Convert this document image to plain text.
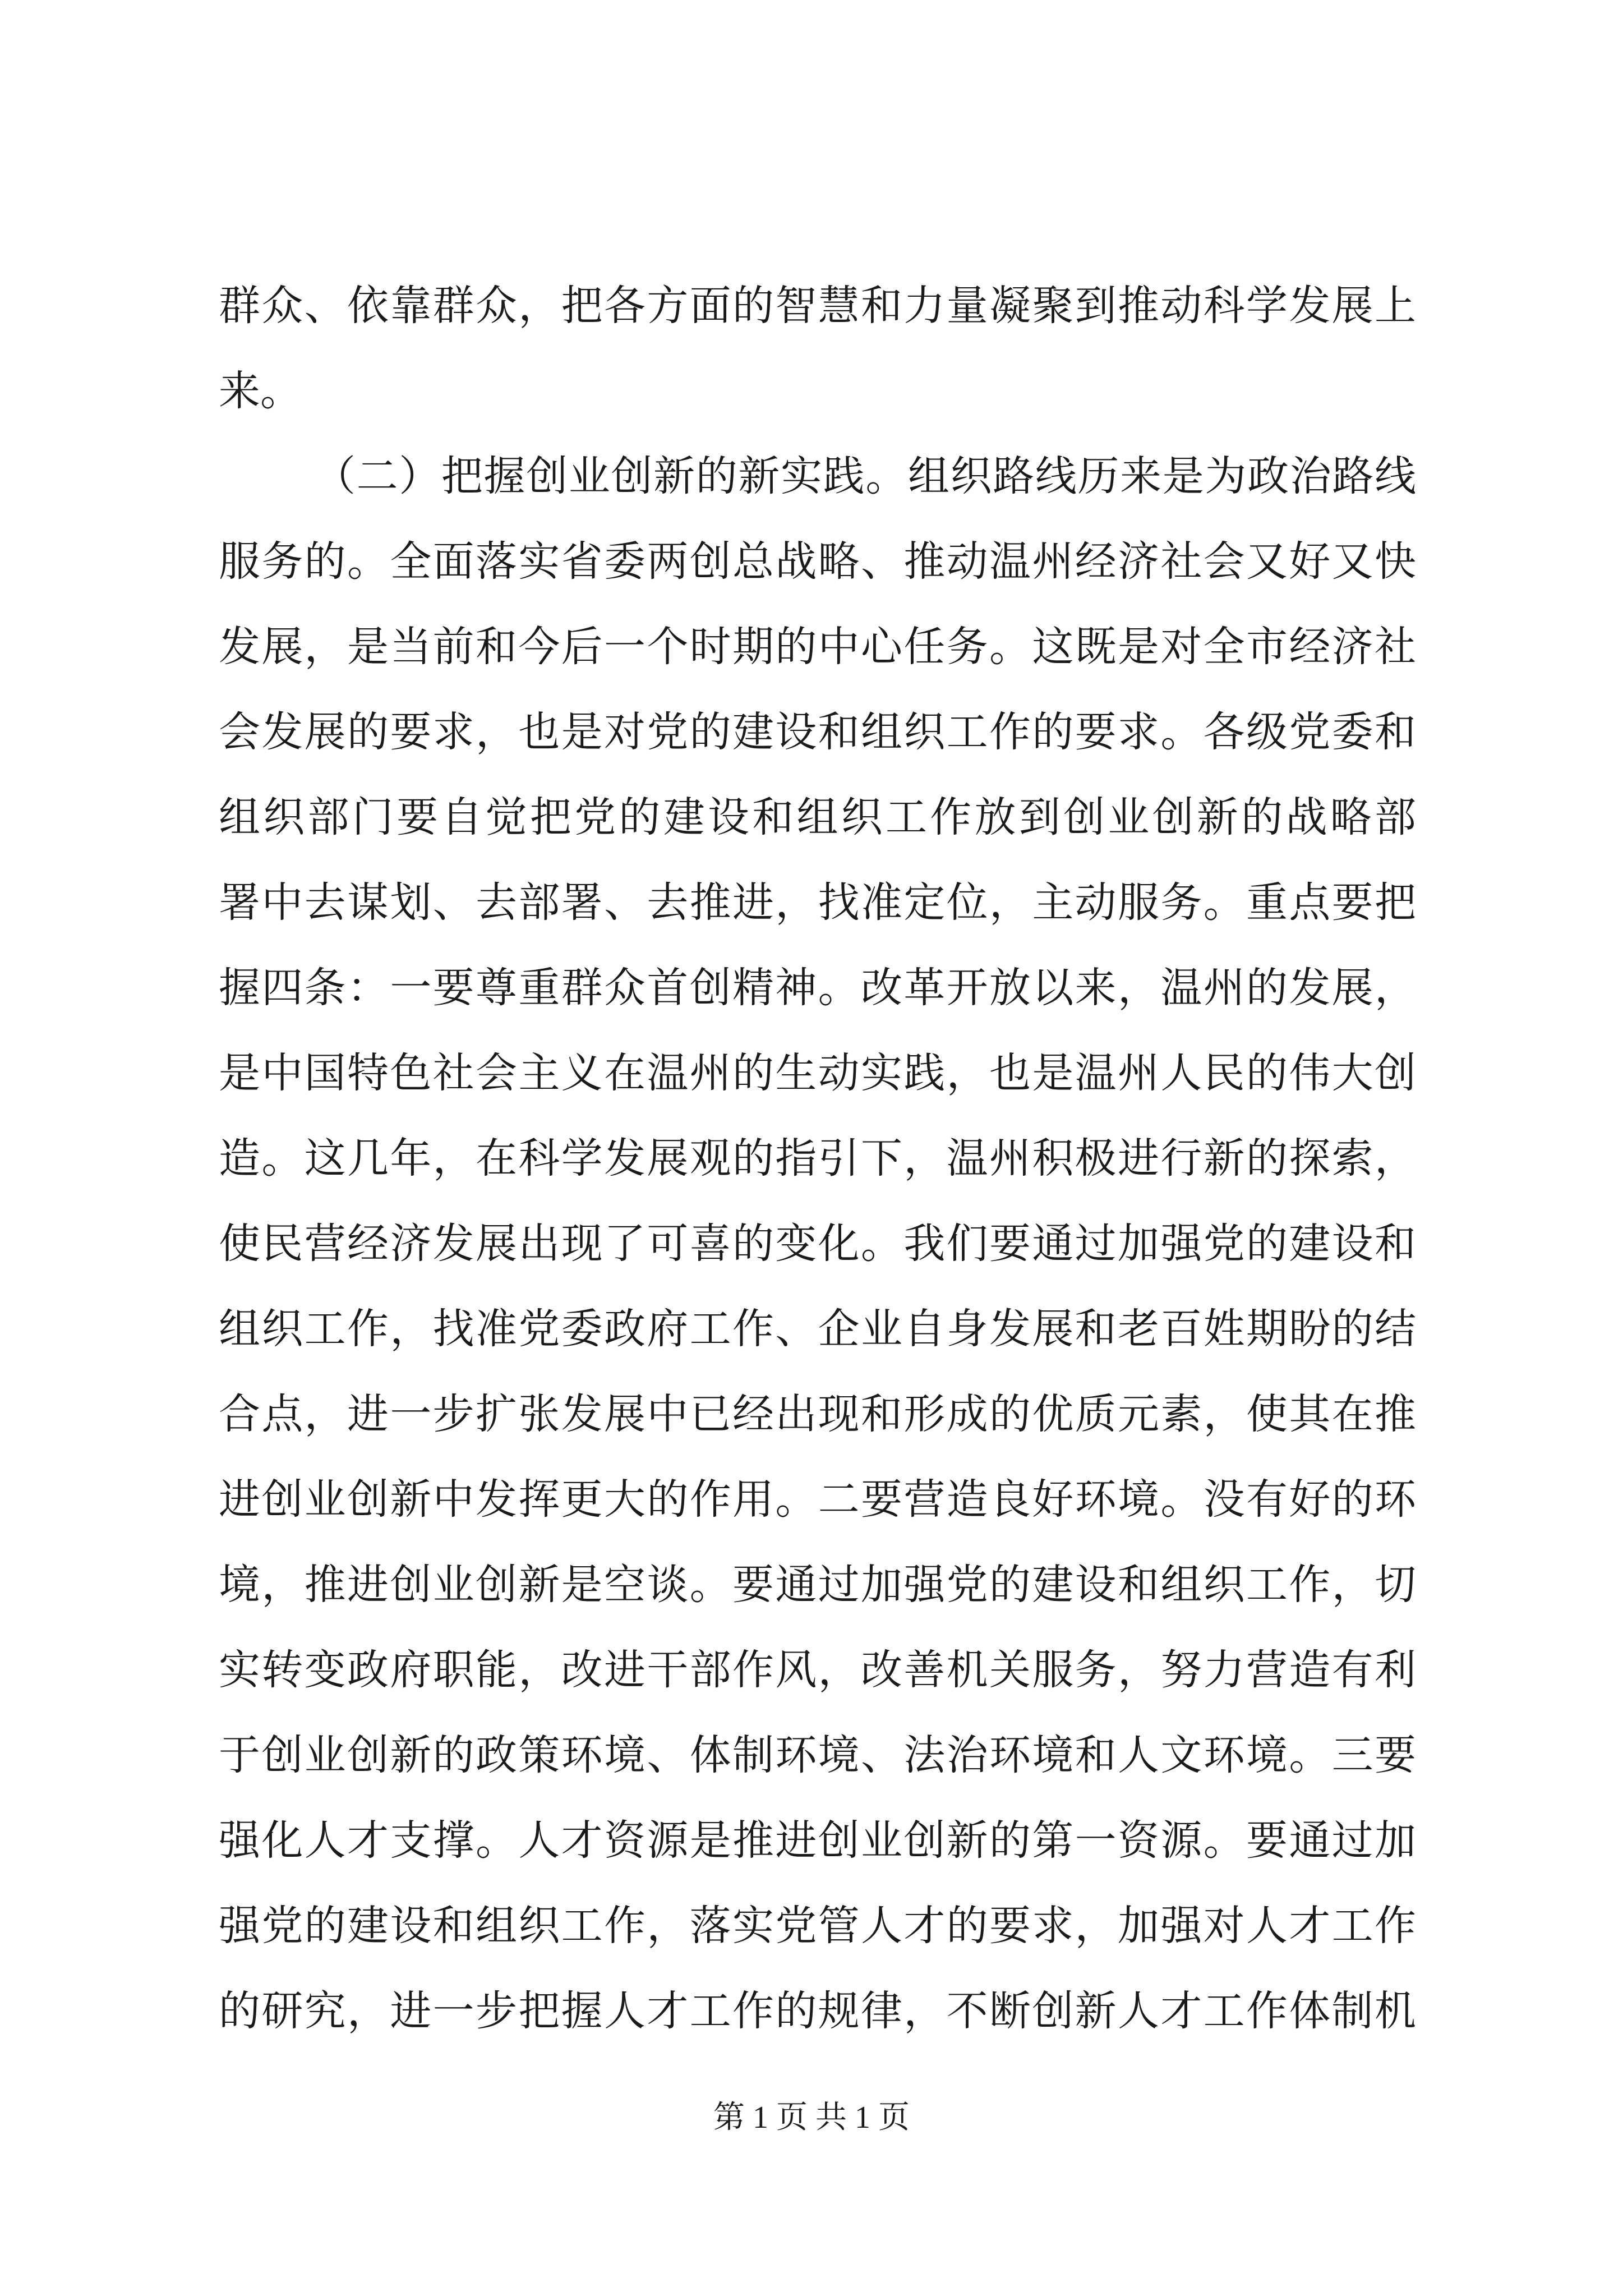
群众、依靠群众，把各方面的智慧和力量凝聚到推动科学发展上
来。
（二）把握创业创新的新实践。组织路线历来是为政治路线
服务的。全面落实省委两创总战略、推动温州经济社会又好又快
发展，是当前和今后一个时期的中心任务。这既是对全市经济社
会发展的要求，也是对党的建设和组织工作的要求。各级党委和
组织部门要自觉把党的建设和组织工作放到创业创新的战略部
署中去谋划、去部署、去推进，找准定位，主动服务。重点要把
握四条：一要尊重群众首创精神。改革开放以来，温州的发展，
是中国特色社会主义在温州的生动实践，也是温州人民的伟大创
造。这几年，在科学发展观的指引下，温州积极进行新的探索，
使民营经济发展出现了可喜的变化。我们要通过加强党的建设和
组织工作，找准党委政府工作、企业自身发展和老百姓期盼的结
合点，进一步扩张发展中已经出现和形成的优质元素，使其在推
进创业创新中发挥更大的作用。二要营造良好环境。没有好的环
境，推进创业创新是空谈。要通过加强党的建设和组织工作，切
实转变政府职能，改进干部作风，改善机关服务，努力营造有利
于创业创新的政策环境、体制环境、法治环境和人文环境。三要
强化人才支撑。人才资源是推进创业创新的第一资源。要通过加
强党的建设和组织工作，落实党管人才的要求，加强对人才工作
的研究，进一步把握人才工作的规律，不断创新人才工作体制机
第 1 页 共 1 页
